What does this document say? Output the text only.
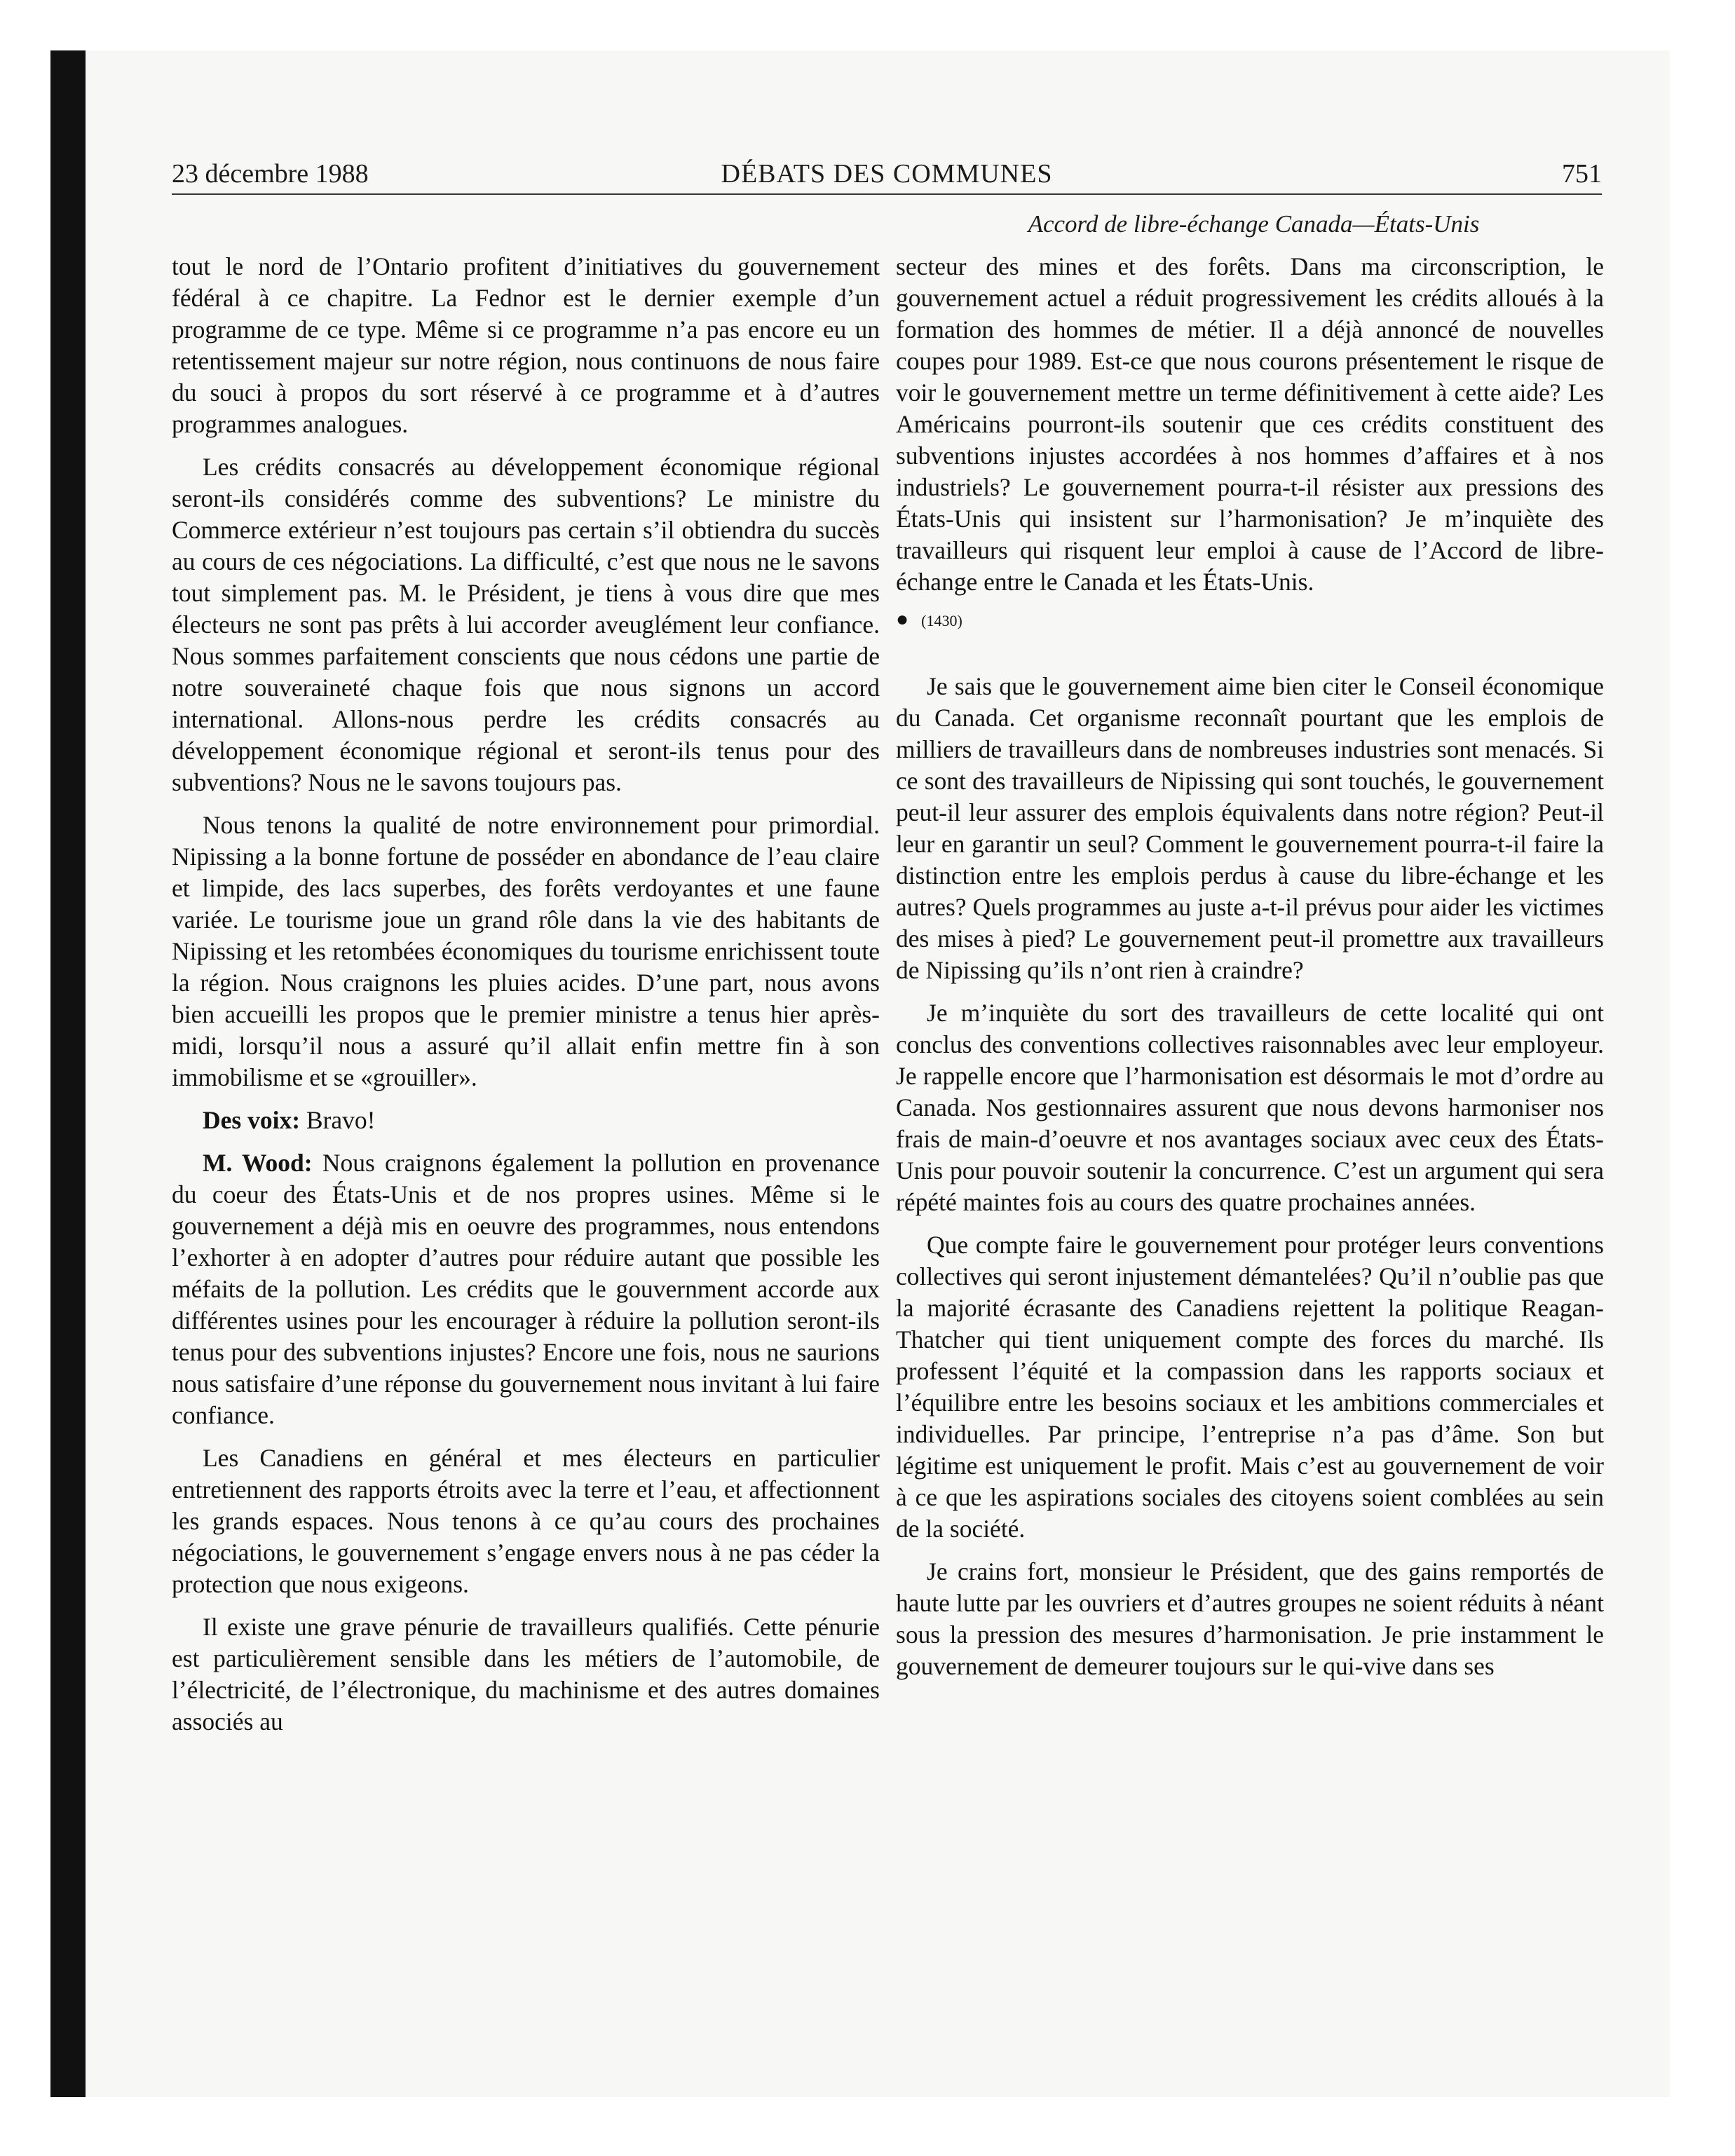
23 décembre 1988	DÉBATS DES COMMUNES	751
Accord de libre-échange Canada—États-Unis

tout le nord de l’Ontario profitent d’initiatives du gouvernement fédéral à ce chapitre. La Fednor est le dernier exemple d’un programme de ce type. Même si ce programme n’a pas encore eu un retentissement majeur sur notre région, nous continuons de nous faire du souci à propos du sort réservé à ce programme et à d’autres programmes analogues.

Les crédits consacrés au développement économique régional seront-ils considérés comme des subventions? Le ministre du Commerce extérieur n’est toujours pas certain s’il obtiendra du succès au cours de ces négociations. La difficulté, c’est que nous ne le savons tout simplement pas. M. le Président, je tiens à vous dire que mes électeurs ne sont pas prêts à lui accorder aveuglément leur confiance. Nous sommes parfaitement conscients que nous cédons une partie de notre souveraineté chaque fois que nous signons un accord international. Allons-nous perdre les crédits consacrés au développement économique régional et seront-ils tenus pour des subventions? Nous ne le savons toujours pas.

Nous tenons la qualité de notre environnement pour primordial. Nipissing a la bonne fortune de posséder en abondance de l’eau claire et limpide, des lacs superbes, des forêts verdoyantes et une faune variée. Le tourisme joue un grand rôle dans la vie des habitants de Nipissing et les retombées économiques du tourisme enrichissent toute la région. Nous craignons les pluies acides. D’une part, nous avons bien accueilli les propos que le premier ministre a tenus hier après-midi, lorsqu’il nous a assuré qu’il allait enfin mettre fin à son immobilisme et se «grouiller».

Des voix: Bravo!

M. Wood: Nous craignons également la pollution en provenance du coeur des États-Unis et de nos propres usines. Même si le gouvernement a déjà mis en oeuvre des programmes, nous entendons l’exhorter à en adopter d’autres pour réduire autant que possible les méfaits de la pollution. Les crédits que le gouvernment accorde aux différentes usines pour les encourager à réduire la pollution seront-ils tenus pour des subventions injustes? Encore une fois, nous ne saurions nous satisfaire d’une réponse du gouvernement nous invitant à lui faire confiance.

Les Canadiens en général et mes électeurs en particulier entretiennent des rapports étroits avec la terre et l’eau, et affectionnent les grands espaces. Nous tenons à ce qu’au cours des prochaines négociations, le gouvernement s’engage envers nous à ne pas céder la protection que nous exigeons.

Il existe une grave pénurie de travailleurs qualifiés. Cette pénurie est particulièrement sensible dans les métiers de l’automobile, de l’électricité, de l’électronique, du machinisme et des autres domaines associés au

secteur des mines et des forêts. Dans ma circonscription, le gouvernement actuel a réduit progressivement les crédits alloués à la formation des hommes de métier. Il a déjà annoncé de nouvelles coupes pour 1989. Est-ce que nous courons présentement le risque de voir le gouvernement mettre un terme définitivement à cette aide? Les Américains pourront-ils soutenir que ces crédits constituent des subventions injustes accordées à nos hommes d’affaires et à nos industriels? Le gouvernement pourra-t-il résister aux pressions des États-Unis qui insistent sur l’harmonisation? Je m’inquiète des travailleurs qui risquent leur emploi à cause de l’Accord de libre-échange entre le Canada et les États-Unis.

● (1430)

Je sais que le gouvernement aime bien citer le Conseil économique du Canada. Cet organisme reconnaît pourtant que les emplois de milliers de travailleurs dans de nombreuses industries sont menacés. Si ce sont des travailleurs de Nipissing qui sont touchés, le gouvernement peut-il leur assurer des emplois équivalents dans notre région? Peut-il leur en garantir un seul? Comment le gouvernement pourra-t-il faire la distinction entre les emplois perdus à cause du libre-échange et les autres? Quels programmes au juste a-t-il prévus pour aider les victimes des mises à pied? Le gouvernement peut-il promettre aux travailleurs de Nipissing qu’ils n’ont rien à craindre?

Je m’inquiète du sort des travailleurs de cette localité qui ont conclus des conventions collectives raisonnables avec leur employeur. Je rappelle encore que l’harmonisation est désormais le mot d’ordre au Canada. Nos gestionnaires assurent que nous devons harmoniser nos frais de main-d’oeuvre et nos avantages sociaux avec ceux des États-Unis pour pouvoir soutenir la concurrence. C’est un argument qui sera répété maintes fois au cours des quatre prochaines années.

Que compte faire le gouvernement pour protéger leurs conventions collectives qui seront injustement démantelées? Qu’il n’oublie pas que la majorité écrasante des Canadiens rejettent la politique Reagan-Thatcher qui tient uniquement compte des forces du marché. Ils professent l’équité et la compassion dans les rapports sociaux et l’équilibre entre les besoins sociaux et les ambitions commerciales et individuelles. Par principe, l’entreprise n’a pas d’âme. Son but légitime est uniquement le profit. Mais c’est au gouvernement de voir à ce que les aspirations sociales des citoyens soient comblées au sein de la société.

Je crains fort, monsieur le Président, que des gains remportés de haute lutte par les ouvriers et d’autres groupes ne soient réduits à néant sous la pression des mesures d’harmonisation. Je prie instamment le gouvernement de demeurer toujours sur le qui-vive dans ses
